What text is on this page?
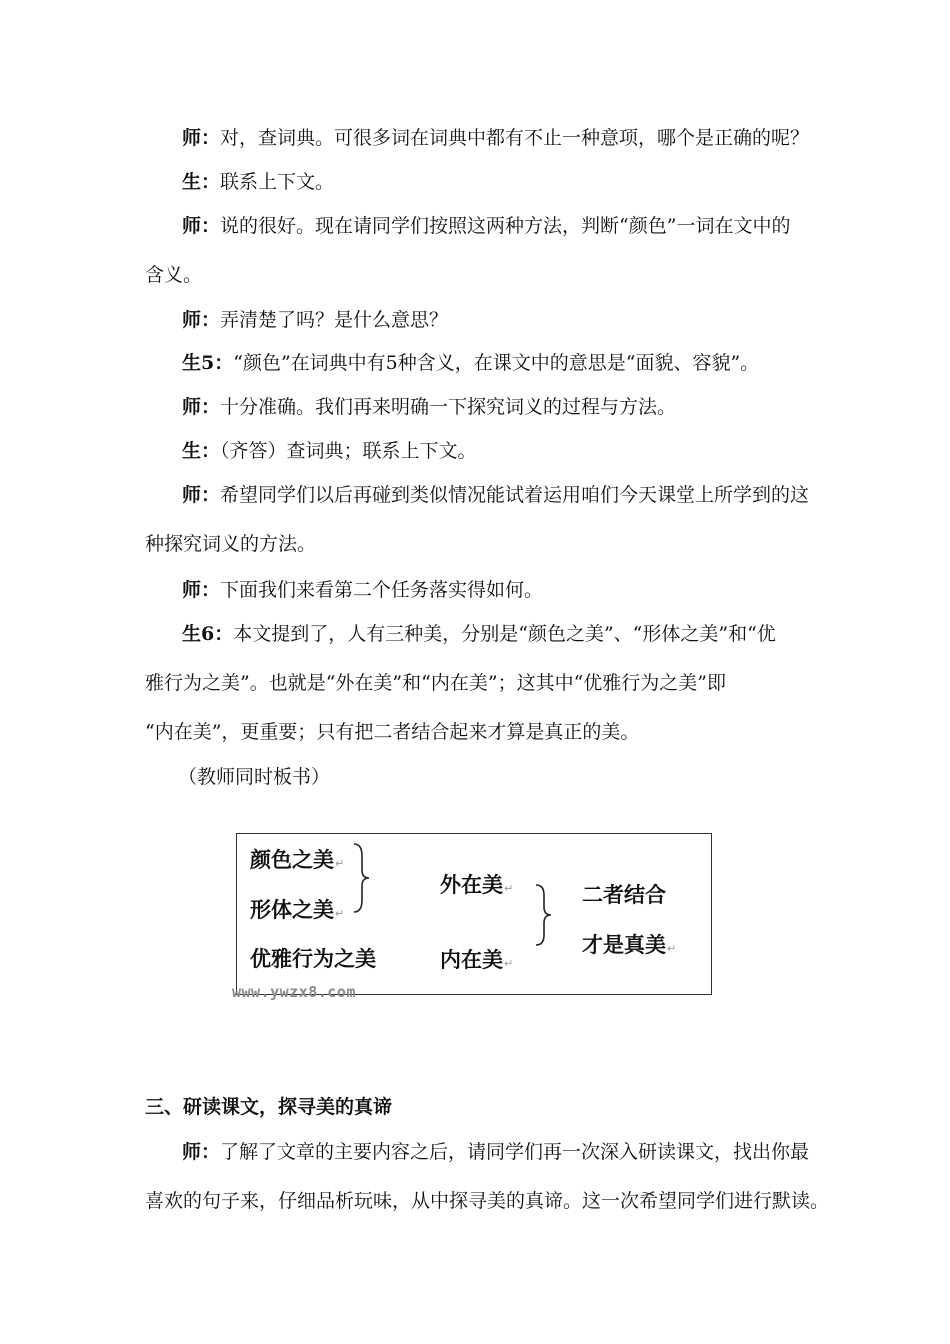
师：对，查词典。可很多词在词典中都有不止一种意项，哪个是正确的呢？
生：联系上下文。
师：说的很好。现在请同学们按照这两种方法，判断“颜色”一词在文中的
含义。
师：弄清楚了吗？是什么意思？
生5：“颜色”在词典中有5种含义，在课文中的意思是“面貌、容貌”。
师：十分准确。我们再来明确一下探究词义的过程与方法。
生：（齐答）查词典；联系上下文。
师：希望同学们以后再碰到类似情况能试着运用咱们今天课堂上所学到的这
种探究词义的方法。
师：下面我们来看第二个任务落实得如何。
生6：本文提到了，人有三种美，分别是“颜色之美”、“形体之美”和“优
雅行为之美”。也就是“外在美”和“内在美”；这其中“优雅行为之美”即
“内在美”，更重要；只有把二者结合起来才算是真正的美。
（教师同时板书）
颜色之美↵
形体之美↵
优雅行为之美
外在美↵
内在美↵
二者结合
才是真美↵
www.ywzx8.com
三、研读课文，探寻美的真谛
师：了解了文章的主要内容之后，请同学们再一次深入研读课文，找出你最
喜欢的句子来，仔细品析玩味，从中探寻美的真谛。这一次希望同学们进行默读。
